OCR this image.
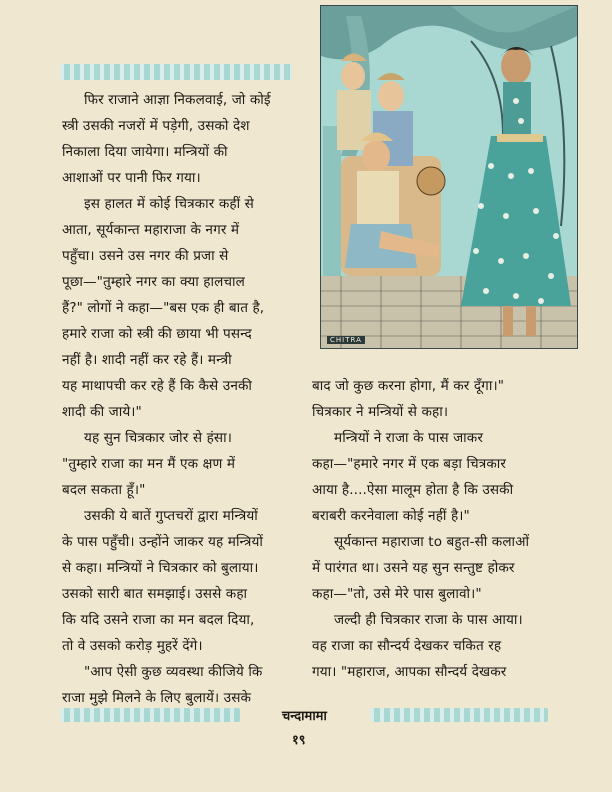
CHITRA
फिर राजाने आज्ञा निकलवाई, जो कोई
स्त्री उसकी नजरों में पड़ेगी, उसको देश
निकाला दिया जायेगा। मन्त्रियों की
आशाओं पर पानी फिर गया।
इस हालत में कोई चित्रकार कहीं से
आता, सूर्यकान्त महाराजा के नगर में
पहुँचा। उसने उस नगर की प्रजा से
पूछा—"तुम्हारे नगर का क्या हालचाल
हैं?" लोगों ने कहा—"बस एक ही बात है,
हमारे राजा को स्त्री की छाया भी पसन्द
नहीं है। शादी नहीं कर रहे हैं। मन्त्री
यह माथापची कर रहे हैं कि कैसे उनकी
शादी की जाये।"
यह सुन चित्रकार जोर से हंसा।
"तुम्हारे राजा का मन मैं एक क्षण में
बदल सकता हूँ।"
उसकी ये बातें गुप्तचरों द्वारा मन्त्रियों
के पास पहुँची। उन्होंने जाकर यह मन्त्रियों
से कहा। मन्त्रियों ने चित्रकार को बुलाया।
उसको सारी बात समझाई। उससे कहा
कि यदि उसने राजा का मन बदल दिया,
तो वे उसको करोड़ मुहरें देंगे।
"आप ऐसी कुछ व्यवस्था कीजिये कि
राजा मुझे मिलने के लिए बुलायें। उसके
बाद जो कुछ करना होगा, मैं कर दूँगा।"
चित्रकार ने मन्त्रियों से कहा।
मन्त्रियों ने राजा के पास जाकर
कहा—"हमारे नगर में एक बड़ा चित्रकार
आया है....ऐसा मालूम होता है कि उसकी
बराबरी करनेवाला कोई नहीं है।"
सूर्यकान्त महाराजा to बहुत-सी कलाओं
में पारंगत था। उसने यह सुन सन्तुष्ट होकर
कहा—"तो, उसे मेरे पास बुलावो।"
जल्दी ही चित्रकार राजा के पास आया।
वह राजा का सौन्दर्य देखकर चकित रह
गया। "महाराज, आपका सौन्दर्य देखकर
चन्दामामा
१९
